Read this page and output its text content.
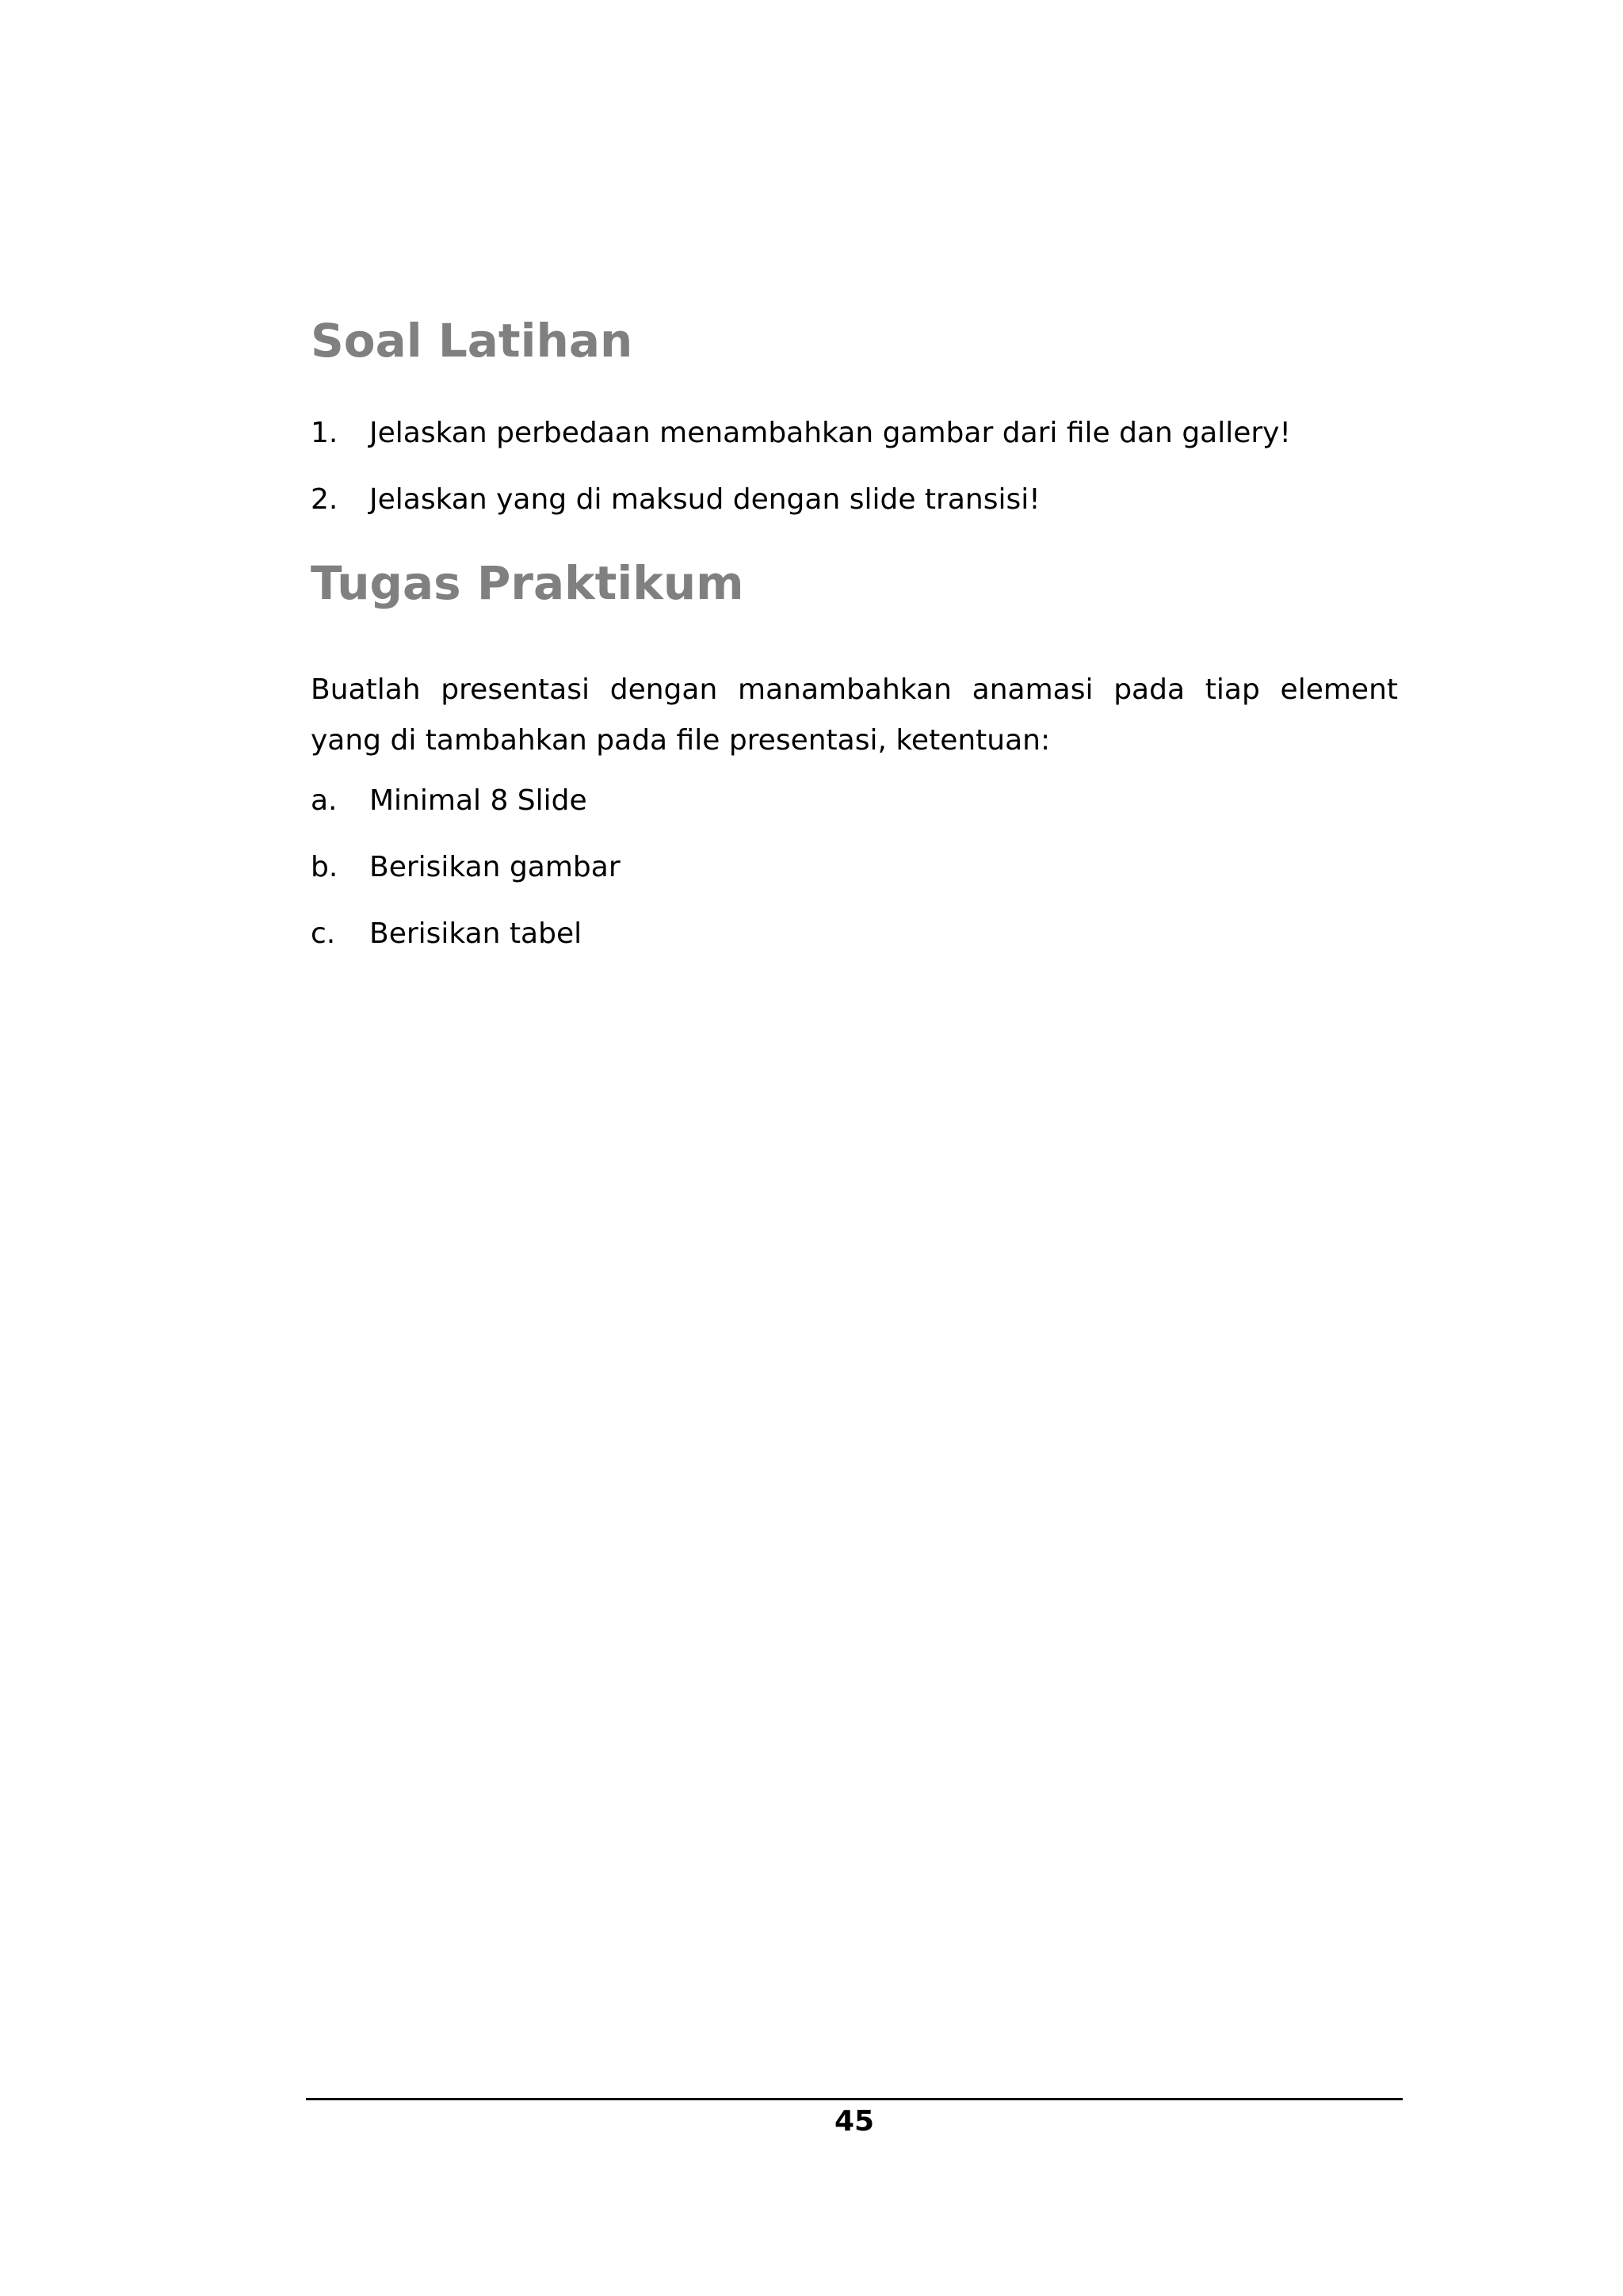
Soal Latihan
1.	Jelaskan perbedaan menambahkan gambar dari file dan gallery!
2.	Jelaskan yang di maksud dengan slide transisi!
Tugas Praktikum

Buatlah presentasi dengan manambahkan anamasi pada tiap element yang di tambahkan pada file presentasi, ketentuan:

a.	Minimal 8 Slide
b.	Berisikan gambar
c.	Berisikan tabel
45
